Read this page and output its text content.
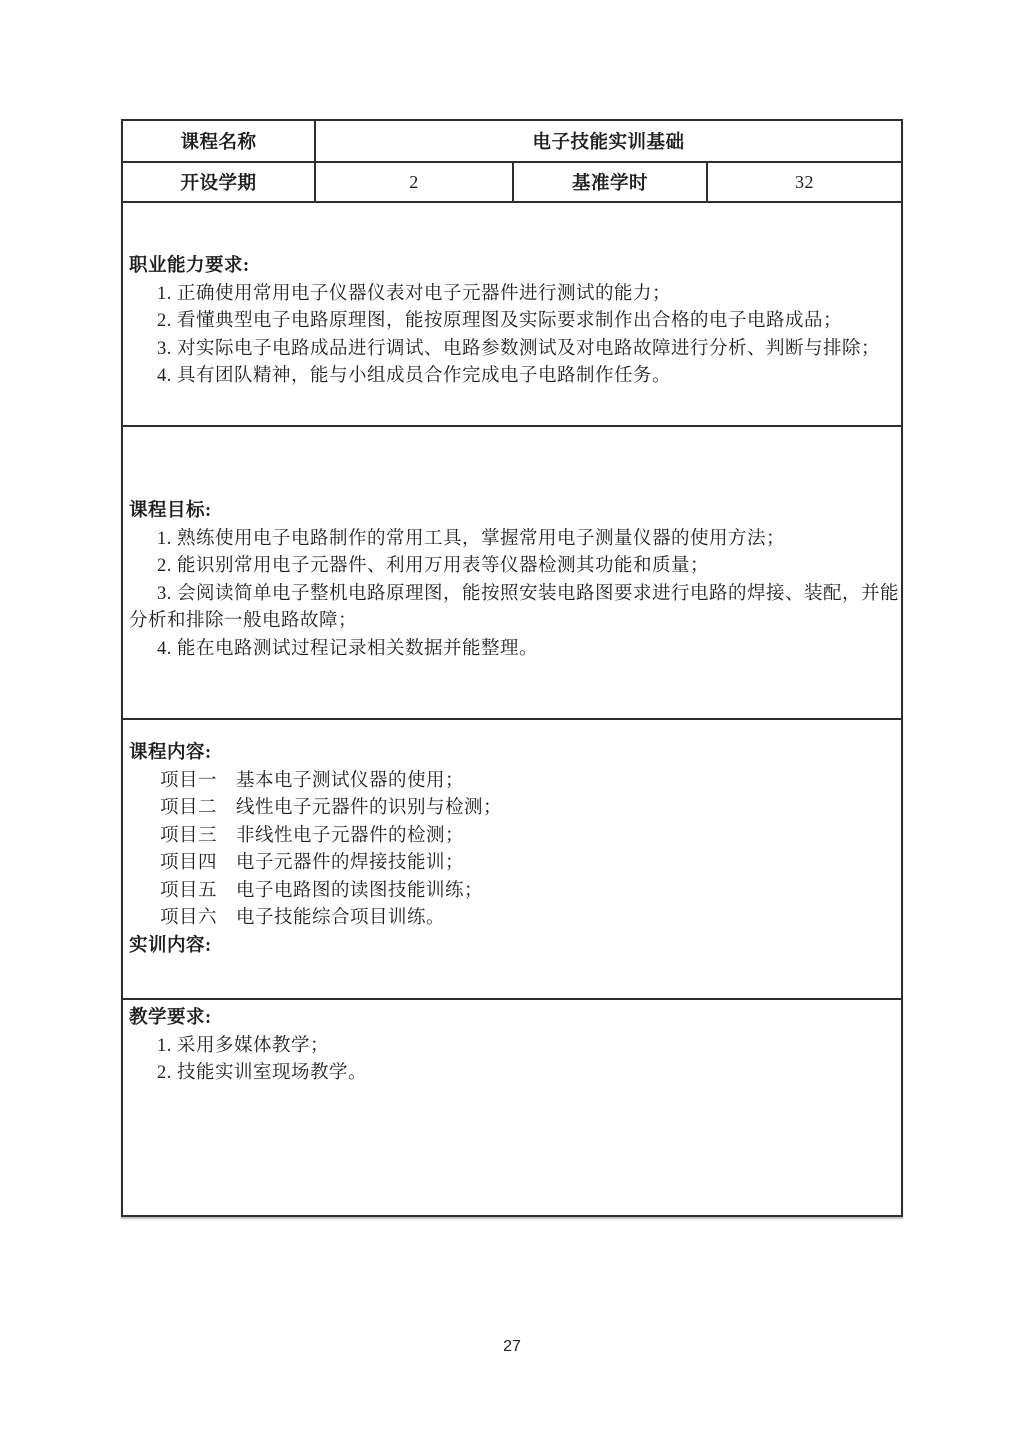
课程名称	电子技能实训基础
开设学期	2	基准学时	32
职业能力要求:
1. 正确使用常用电子仪器仪表对电子元器件进行测试的能力；
2. 看懂典型电子电路原理图，能按原理图及实际要求制作出合格的电子电路成品；
3. 对实际电子电路成品进行调试、电路参数测试及对电路故障进行分析、判断与排除；
4. 具有团队精神，能与小组成员合作完成电子电路制作任务。
课程目标:
1. 熟练使用电子电路制作的常用工具，掌握常用电子测量仪器的使用方法；
2. 能识别常用电子元器件、利用万用表等仪器检测其功能和质量；
3. 会阅读简单电子整机电路原理图，能按照安装电路图要求进行电路的焊接、装配，并能分析和排除一般电路故障；
4. 能在电路测试过程记录相关数据并能整理。
课程内容:
项目一　基本电子测试仪器的使用；
项目二　线性电子元器件的识别与检测；
项目三　非线性电子元器件的检测；
项目四　电子元器件的焊接技能训；
项目五　电子电路图的读图技能训练；
项目六　电子技能综合项目训练。
实训内容:
教学要求:
1. 采用多媒体教学；
2. 技能实训室现场教学。
27
